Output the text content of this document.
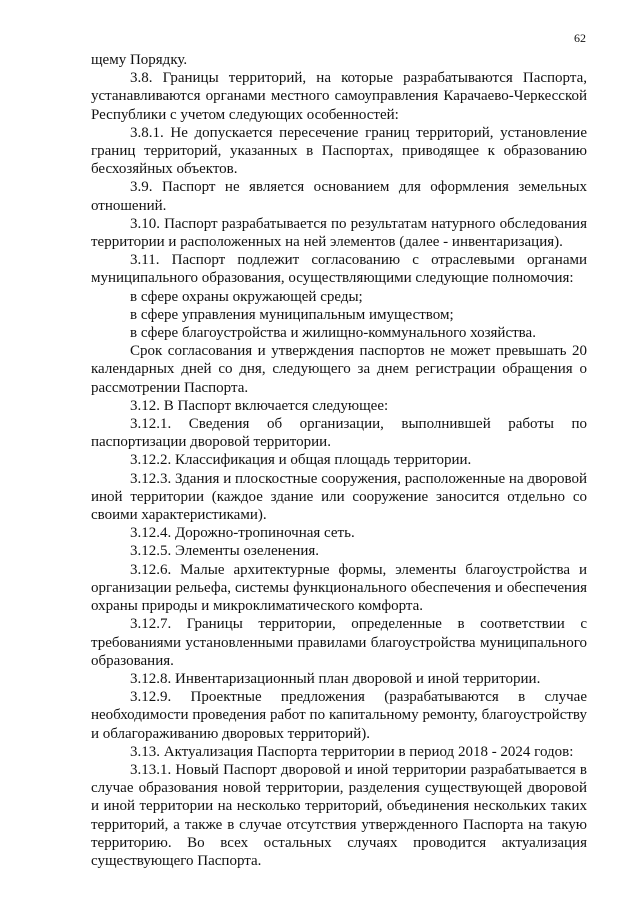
62

щему Порядку.

3.8. Границы территорий, на которые разрабатываются Паспорта, устанавливаются органами местного самоуправления Карачаево-Черкесской Республики с учетом следующих особенностей:

3.8.1. Не допускается пересечение границ территорий, установление границ территорий, указанных в Паспортах, приводящее к образованию бесхозяйных объектов.

3.9. Паспорт не является основанием для оформления земельных отношений.

3.10. Паспорт разрабатывается по результатам натурного обследования территории и расположенных на ней элементов (далее - инвентаризация).

3.11. Паспорт подлежит согласованию с отраслевыми органами муниципального образования, осуществляющими следующие полномочия:

в сфере охраны окружающей среды;

в сфере управления муниципальным имуществом;

в сфере благоустройства и жилищно-коммунального хозяйства.

Срок согласования и утверждения паспортов не может превышать 20 календарных дней со дня, следующего за днем регистрации обращения о рассмотрении Паспорта.

3.12. В Паспорт включается следующее:

3.12.1. Сведения об организации, выполнившей работы по паспортизации дворовой территории.

3.12.2. Классификация и общая площадь территории.

3.12.3. Здания и плоскостные сооружения, расположенные на дворовой иной территории (каждое здание или сооружение заносится отдельно со своими характеристиками).

3.12.4. Дорожно-тропиночная сеть.

3.12.5. Элементы озеленения.

3.12.6. Малые архитектурные формы, элементы благоустройства и организации рельефа, системы функционального обеспечения и обеспечения охраны природы и микроклиматического комфорта.

3.12.7. Границы территории, определенные в соответствии с требованиями установленными правилами благоустройства муниципального образования.

3.12.8. Инвентаризационный план дворовой и иной территории.

3.12.9. Проектные предложения (разрабатываются в случае необходимости проведения работ по капитальному ремонту, благоустройству и облагораживанию дворовых территорий).

3.13. Актуализация Паспорта территории в период 2018 - 2024 годов:

3.13.1. Новый Паспорт дворовой и иной территории разрабатывается в случае образования новой территории, разделения существующей дворовой и иной территории на несколько территорий, объединения нескольких таких территорий, а также в случае отсутствия утвержденного Паспорта на такую территорию. Во всех остальных случаях проводится актуализация существующего Паспорта.
